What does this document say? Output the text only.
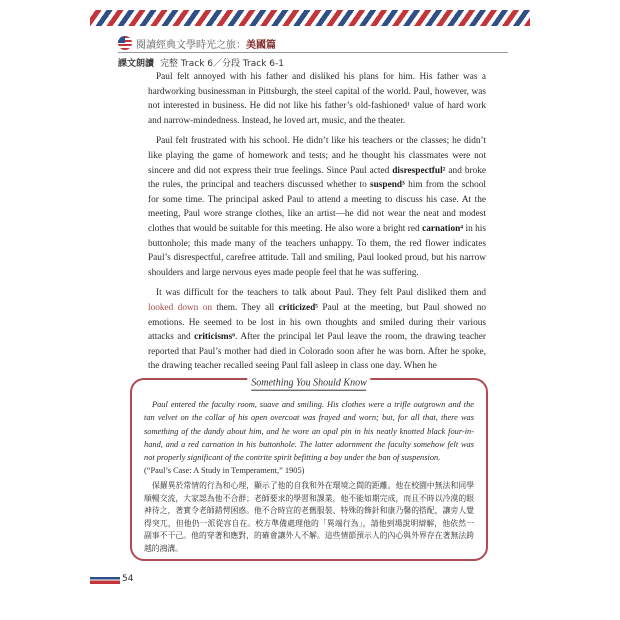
閱讀經典文學時光之旅：美國篇
課文朗讀 完整 Track 6／分段 Track 6-1

Paul felt annoyed with his father and disliked his plans for him. His father was a hardworking businessman in Pittsburgh, the steel capital of the world. Paul, however, was not interested in business. He did not like his father’s old-fashioned¹ value of hard work and narrow-mindedness. Instead, he loved art, music, and the theater.

Paul felt frustrated with his school. He didn’t like his teachers or the classes; he didn’t like playing the game of homework and tests; and he thought his classmates were not sincere and did not express their true feelings. Since Paul acted disrespectful² and broke the rules, the principal and teachers discussed whether to suspend³ him from the school for some time. The principal asked Paul to attend a meeting to discuss his case. At the meeting, Paul wore strange clothes, like an artist—he did not wear the neat and modest clothes that would be suitable for this meeting. He also wore a bright red carnation⁴ in his buttonhole; this made many of the teachers unhappy. To them, the red flower indicates Paul’s disrespectful, carefree attitude. Tall and smiling, Paul looked proud, but his narrow shoulders and large nervous eyes made people feel that he was suffering.

It was difficult for the teachers to talk about Paul. They felt Paul disliked them and looked down on them. They all criticized⁵ Paul at the meeting, but Paul showed no emotions. He seemed to be lost in his own thoughts and smiled during their various attacks and criticisms⁶. After the principal let Paul leave the room, the drawing teacher reported that Paul’s mother had died in Colorado soon after he was born. After he spoke, the drawing teacher recalled seeing Paul fall asleep in class one day. When he

Something You Should Know

Paul entered the faculty room, suave and smiling. His clothes were a trifle outgrown and the tan velvet on the collar of his open overcoat was frayed and worn; but, for all that, there was something of the dandy about him, and he wore an opal pin in his neatly knotted black four-in-hand, and a red carnation in his buttonhole. The latter adornment the faculty somehow felt was not properly significant of the contrite spirit befitting a boy under the ban of suspension.

(“Paul’s Case: A Study in Temperament,” 1905)

保羅異於常情的行為和心理，顯示了他的自我和外在環境之間的距離。他在校園中無法和同學順暢交流，大家認為他不合群；老師要求的學習和課業，他不能如期完成，而且不時以冷漠的眼神待之，著實令老師錯愕困惑。他不合時宜的老舊服裝、特殊的飾針和康乃馨的搭配，讓旁人覺得突兀，但他仍一派從容自在。校方準備處理他的「異端行為」，請他到場說明辯解，他依然一副事不干己。他的穿著和應對，的確會讓外人不解。這些情節預示人的內心與外界存在著無法跨越的鴻溝。

54
